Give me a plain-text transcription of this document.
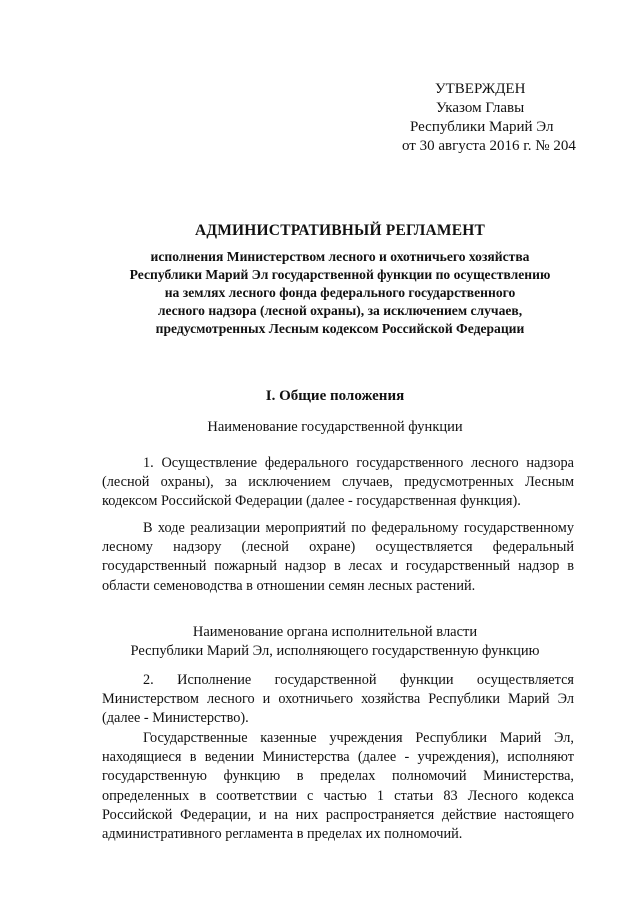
УТВЕРЖДЕН
Указом Главы
Республики Марий Эл
от 30 августа 2016 г. № 204
АДМИНИСТРАТИВНЫЙ РЕГЛАМЕНТ
исполнения Министерством лесного и охотничьего хозяйства
Республики Марий Эл государственной функции по осуществлению
на землях лесного фонда федерального государственного
лесного надзора (лесной охраны), за исключением случаев,
предусмотренных Лесным кодексом Российской Федерации
I. Общие положения
Наименование государственной функции
1. Осуществление федерального государственного лесного надзора (лесной охраны), за исключением случаев, предусмотренных Лесным кодексом Российской Федерации (далее - государственная функция).
В ходе реализации мероприятий по федеральному государственному лесному надзору (лесной охране) осуществляется федеральный государственный пожарный надзор в лесах и государственный надзор в области семеноводства в отношении семян лесных растений.
Наименование органа исполнительной власти
Республики Марий Эл, исполняющего государственную функцию
2. Исполнение государственной функции осуществляется Министерством лесного и охотничьего хозяйства Республики Марий Эл (далее - Министерство).
Государственные казенные учреждения Республики Марий Эл, находящиеся в ведении Министерства (далее - учреждения), исполняют государственную функцию в пределах полномочий Министерства, определенных в соответствии с частью 1 статьи 83 Лесного кодекса Российской Федерации, и на них распространяется действие настоящего административного регламента в пределах их полномочий.
